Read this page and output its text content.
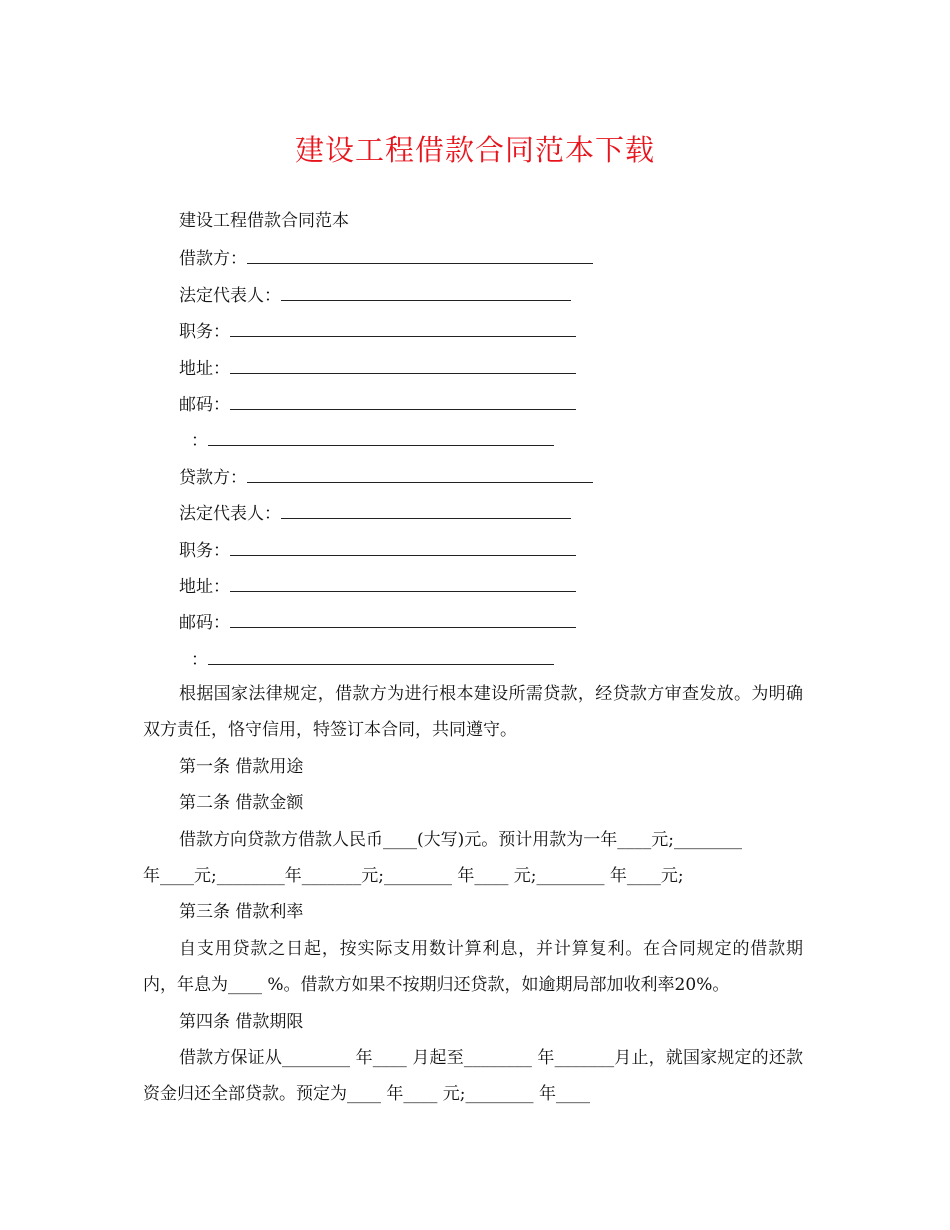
建设工程借款合同范本下载
建设工程借款合同范本
借款方：
法定代表人：
职务：
地址：
邮码：
：
贷款方：
法定代表人：
职务：
地址：
邮码：
：
根据国家法律规定，借款方为进行根本建设所需贷款，经贷款方审查发放。为明确双方责任，恪守信用，特签订本合同，共同遵守。
第一条 借款用途
第二条 借款金额
借款方向贷款方借款人民币____(大写)元。预计用款为一年____元;________
年____元;________年_______元;________ 年____ 元;________ 年____元;
第三条 借款利率
自支用贷款之日起，按实际支用数计算利息，并计算复利。在合同规定的借款期内，年息为____ %。借款方如果不按期归还贷款，如逾期局部加收利率20%。
第四条 借款期限
借款方保证从________ 年____ 月起至________ 年_______月止，就国家规定的还款资金归还全部贷款。预定为____ 年____ 元;________ 年____
